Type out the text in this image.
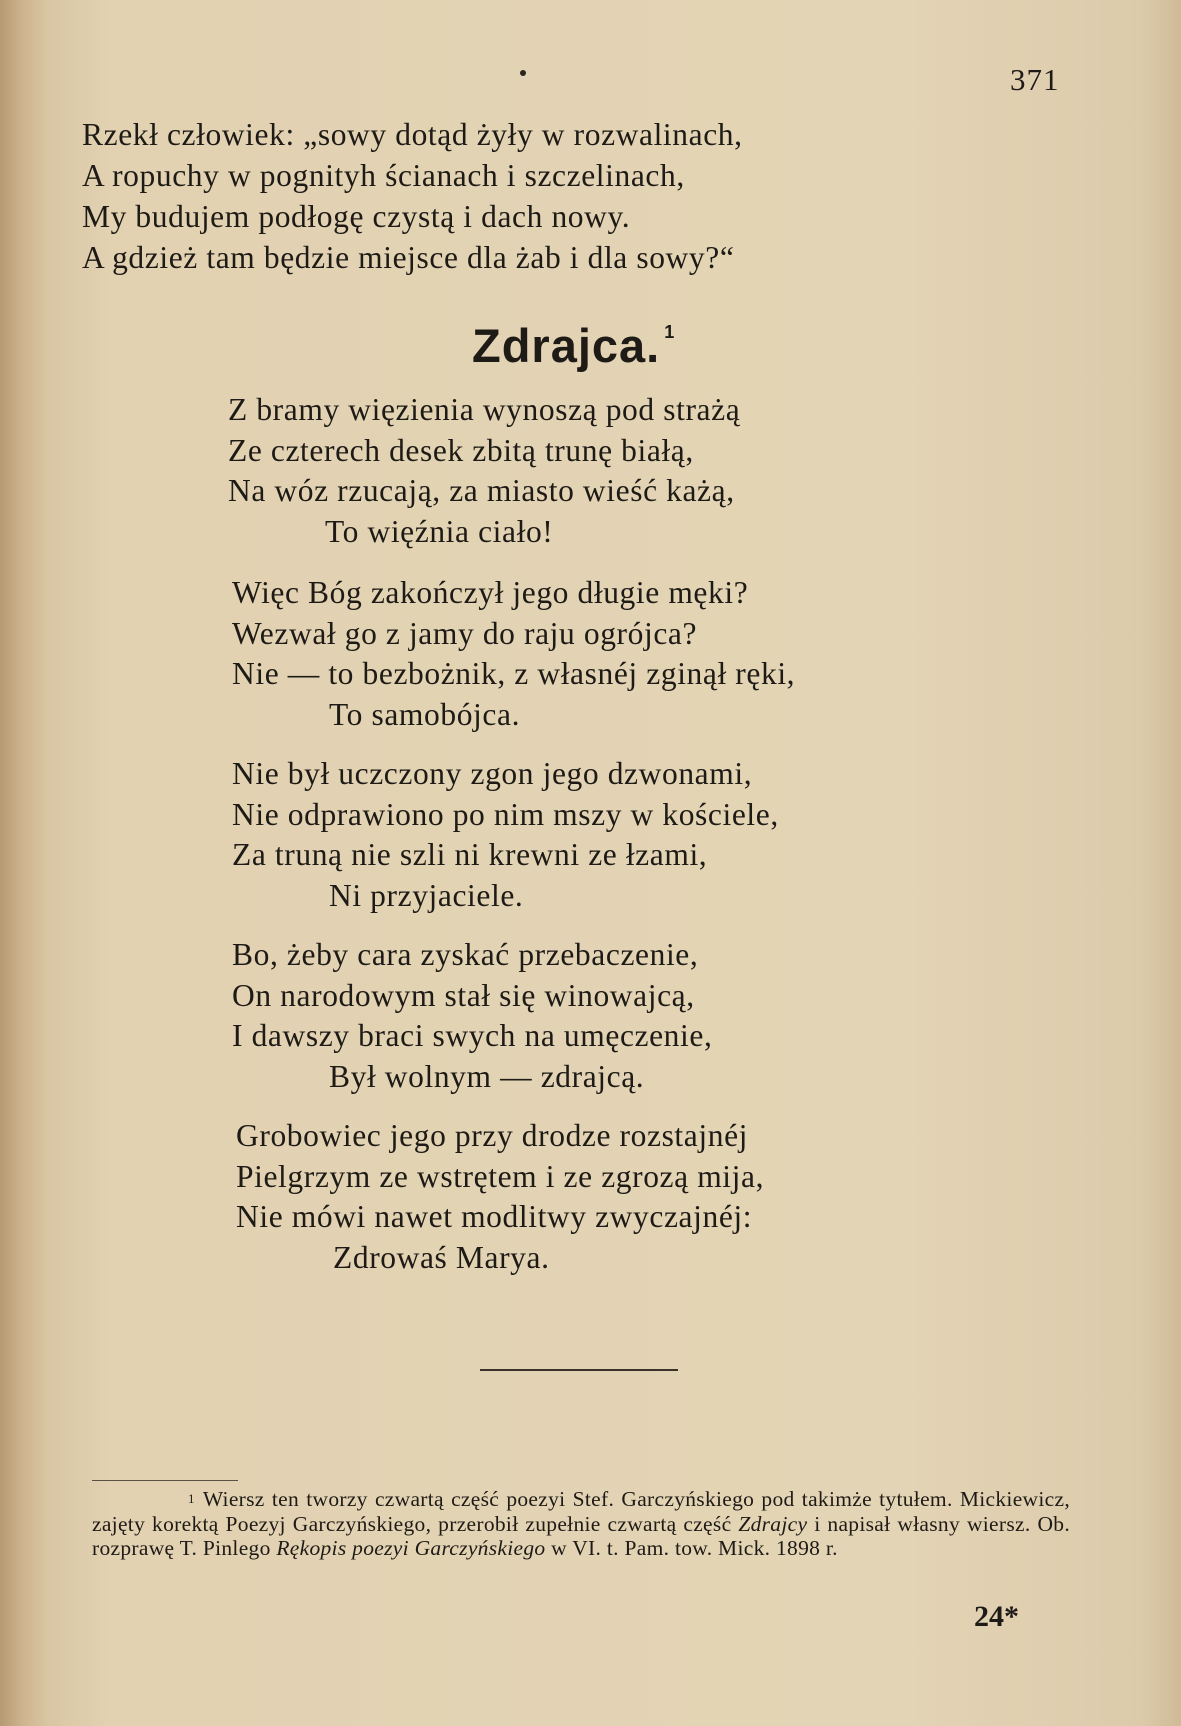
371

Rzekł człowiek: „sowy dotąd żyły w rozwalinach,
A ropuchy w pognityh ścianach i szczelinach,
My budujem podłogę czystą i dach nowy.
A gdzież tam będzie miejsce dla żab i dla sowy?“

Zdrajca. $^1$

Z bramy więzienia wynoszą pod strażą
Ze czterech desek zbitą trunę białą,
Na wóz rzucają, za miasto wieść każą,
To więźnia ciało!

Więc Bóg zakończył jego długie męki?
Wezwał go z jamy do raju ogrójca?
Nie — to bezbożnik, z własnéj zginął ręki,
To samobójca.

Nie był uczczony zgon jego dzwonami,
Nie odprawiono po nim mszy w kościele,
Za truną nie szli ni krewni ze łzami,
Ni przyjaciele.

Bo, żeby cara zyskać przebaczenie,
On narodowym stał się winowajcą,
I dawszy braci swych na umęczenie,
Był wolnym — zdrajcą.

Grobowiec jego przy drodze rozstajnéj
Pielgrzym ze wstrętem i ze zgrozą mija,
Nie mówi nawet modlitwy zwyczajnéj:
Zdrowaś Marya.

$^1$ Wiersz ten tworzy czwartą część poezyi Stef. Garczyńskiego pod takimże tytułem. Mickiewicz, zajęty korektą Poezyj Garczyńskiego, przerobił zupełnie czwartą część Zdrajcy i napisał własny wiersz. Ob. rozprawę T. Pinlego Rękopis poezyi Garczyńskiego w VI. t. Pam. tow. Mick. 1898 r.
24*
